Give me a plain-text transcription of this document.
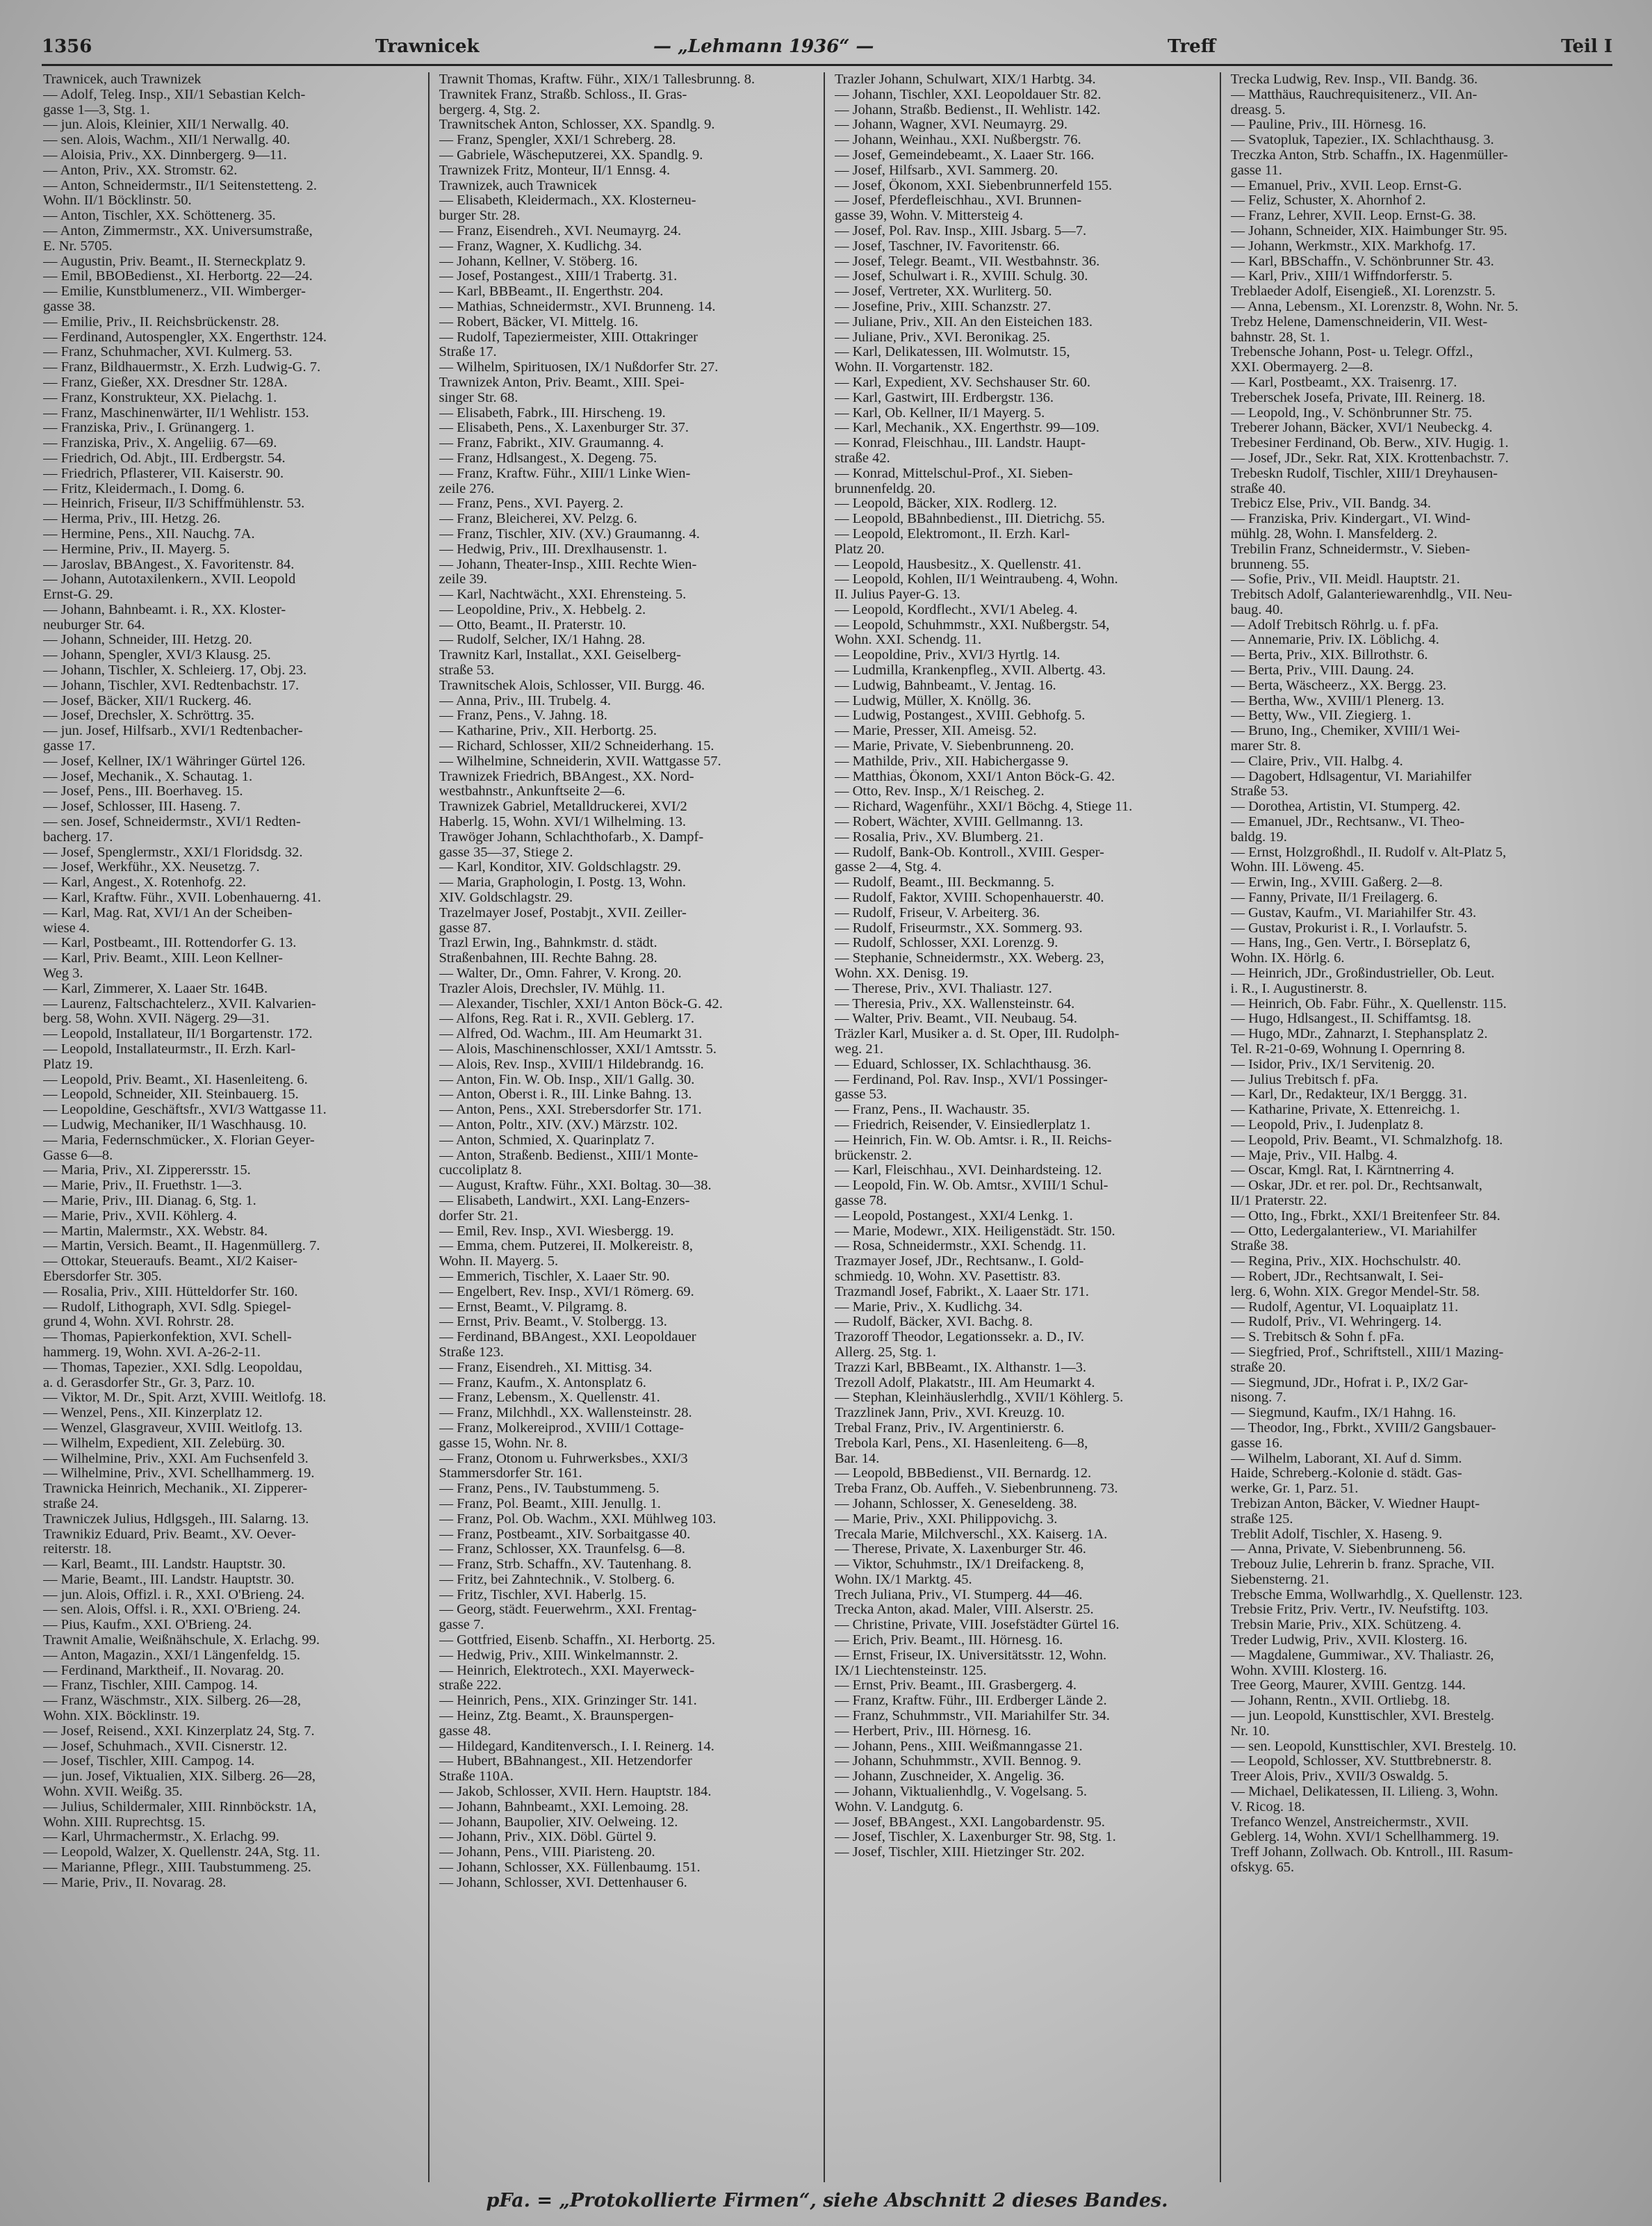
1356	Trawnicek	— „Lehmann 1936“ —	Treff	Teil I
Trawnicek, auch Trawnizek
— Adolf, Teleg. Insp., XII/1 Sebastian Kelch-
gasse 1—3, Stg. 1.
— jun. Alois, Kleinier, XII/1 Nerwallg. 40.
— sen. Alois, Wachm., XII/1 Nerwallg. 40.
— Aloisia, Priv., XX. Dinnbergerg. 9—11.
— Anton, Priv., XX. Stromstr. 62.
— Anton, Schneidermstr., II/1 Seitenstetteng. 2.
Wohn. II/1 Böcklinstr. 50.
— Anton, Tischler, XX. Schöttenerg. 35.
— Anton, Zimmermstr., XX. Universumstraße,
E. Nr. 5705.
— Augustin, Priv. Beamt., II. Sterneckplatz 9.
— Emil, BBOBedienst., XI. Herbortg. 22—24.
— Emilie, Kunstblumenerz., VII. Wimberger-
gasse 38.
— Emilie, Priv., II. Reichsbrückenstr. 28.
— Ferdinand, Autospengler, XX. Engerthstr. 124.
— Franz, Schuhmacher, XVI. Kulmerg. 53.
— Franz, Bildhauermstr., X. Erzh. Ludwig-G. 7.
— Franz, Gießer, XX. Dresdner Str. 128A.
— Franz, Konstrukteur, XX. Pielachg. 1.
— Franz, Maschinenwärter, II/1 Wehlistr. 153.
— Franziska, Priv., I. Grünangerg. 1.
— Franziska, Priv., X. Angeliig. 67—69.
— Friedrich, Od. Abjt., III. Erdbergstr. 54.
— Friedrich, Pflasterer, VII. Kaiserstr. 90.
— Fritz, Kleidermach., I. Domg. 6.
— Heinrich, Friseur, II/3 Schiffmühlenstr. 53.
— Herma, Priv., III. Hetzg. 26.
— Hermine, Pens., XII. Nauchg. 7A.
— Hermine, Priv., II. Mayerg. 5.
— Jaroslav, BBAngest., X. Favoritenstr. 84.
— Johann, Autotaxilenkern., XVII. Leopold
Ernst-G. 29.
— Johann, Bahnbeamt. i. R., XX. Kloster-
neuburger Str. 64.
— Johann, Schneider, III. Hetzg. 20.
— Johann, Spengler, XVI/3 Klausg. 25.
— Johann, Tischler, X. Schleierg. 17, Obj. 23.
— Johann, Tischler, XVI. Redtenbachstr. 17.
— Josef, Bäcker, XII/1 Ruckerg. 46.
— Josef, Drechsler, X. Schröttrg. 35.
— jun. Josef, Hilfsarb., XVI/1 Redtenbacher-
gasse 17.
— Josef, Kellner, IX/1 Währinger Gürtel 126.
— Josef, Mechanik., X. Schautag. 1.
— Josef, Pens., III. Boerhaveg. 15.
— Josef, Schlosser, III. Haseng. 7.
— sen. Josef, Schneidermstr., XVI/1 Redten-
bacherg. 17.
— Josef, Spenglermstr., XXI/1 Floridsdg. 32.
— Josef, Werkführ., XX. Neusetzg. 7.
— Karl, Angest., X. Rotenhofg. 22.
— Karl, Kraftw. Führ., XVII. Lobenhauerng. 41.
— Karl, Mag. Rat, XVI/1 An der Scheiben-
wiese 4.
— Karl, Postbeamt., III. Rottendorfer G. 13.
— Karl, Priv. Beamt., XIII. Leon Kellner-
Weg 3.
— Karl, Zimmerer, X. Laaer Str. 164B.
— Laurenz, Faltschachtelerz., XVII. Kalvarien-
berg. 58, Wohn. XVII. Nägerg. 29—31.
— Leopold, Installateur, II/1 Borgartenstr. 172.
— Leopold, Installateurmstr., II. Erzh. Karl-
Platz 19.
— Leopold, Priv. Beamt., XI. Hasenleiteng. 6.
— Leopold, Schneider, XII. Steinbauerg. 15.
— Leopoldine, Geschäftsfr., XVI/3 Wattgasse 11.
— Ludwig, Mechaniker, II/1 Waschhausg. 10.
— Maria, Federnschmücker., X. Florian Geyer-
Gasse 6—8.
— Maria, Priv., XI. Zipperersstr. 15.
— Marie, Priv., II. Fruethstr. 1—3.
— Marie, Priv., III. Dianag. 6, Stg. 1.
— Marie, Priv., XVII. Köhlerg. 4.
— Martin, Malermstr., XX. Webstr. 84.
— Martin, Versich. Beamt., II. Hagenmüllerg. 7.
— Ottokar, Steueraufs. Beamt., XI/2 Kaiser-
Ebersdorfer Str. 305.
— Rosalia, Priv., XIII. Hütteldorfer Str. 160.
— Rudolf, Lithograph, XVI. Sdlg. Spiegel-
grund 4, Wohn. XVI. Rohrstr. 28.
— Thomas, Papierkonfektion, XVI. Schell-
hammerg. 19, Wohn. XVI. A-26-2-11.
— Thomas, Tapezier., XXI. Sdlg. Leopoldau,
a. d. Gerasdorfer Str., Gr. 3, Parz. 10.
— Viktor, M. Dr., Spit. Arzt, XVIII. Weitlofg. 18.
— Wenzel, Pens., XII. Kinzerplatz 12.
— Wenzel, Glasgraveur, XVIII. Weitlofg. 13.
— Wilhelm, Expedient, XII. Zelebürg. 30.
— Wilhelmine, Priv., XXI. Am Fuchsenfeld 3.
— Wilhelmine, Priv., XVI. Schellhammerg. 19.
Trawnicka Heinrich, Mechanik., XI. Zipperer-
straße 24.
Trawniczek Julius, Hdlgsgeh., III. Salarng. 13.
Trawnikiz Eduard, Priv. Beamt., XV. Oever-
reiterstr. 18.
— Karl, Beamt., III. Landstr. Hauptstr. 30.
— Marie, Beamt., III. Landstr. Hauptstr. 30.
— jun. Alois, Offizl. i. R., XXI. O'Brieng. 24.
— sen. Alois, Offsl. i. R., XXI. O'Brieng. 24.
— Pius, Kaufm., XXI. O'Brieng. 24.
Trawnit Amalie, Weißnähschule, X. Erlachg. 99.
— Anton, Magazin., XXI/1 Längenfeldg. 15.
— Ferdinand, Marktheif., II. Novarag. 20.
— Franz, Tischler, XIII. Campog. 14.
— Franz, Wäschmstr., XIX. Silberg. 26—28,
Wohn. XIX. Böcklinstr. 19.
— Josef, Reisend., XXI. Kinzerplatz 24, Stg. 7.
— Josef, Schuhmach., XVII. Cisnerstr. 12.
— Josef, Tischler, XIII. Campog. 14.
— jun. Josef, Viktualien, XIX. Silberg. 26—28,
Wohn. XVII. Weißg. 35.
— Julius, Schildermaler, XIII. Rinnböckstr. 1A,
Wohn. XIII. Ruprechtsg. 15.
— Karl, Uhrmachermstr., X. Erlachg. 99.
— Leopold, Walzer, X. Quellenstr. 24A, Stg. 11.
— Marianne, Pflegr., XIII. Taubstummeng. 25.
— Marie, Priv., II. Novarag. 28.
Trawnit Thomas, Kraftw. Führ., XIX/1 Tallesbrunng. 8.
Trawnitek Franz, Straßb. Schloss., II. Gras-
bergerg. 4, Stg. 2.
Trawnitschek Anton, Schlosser, XX. Spandlg. 9.
— Franz, Spengler, XXI/1 Schreberg. 28.
— Gabriele, Wäscheputzerei, XX. Spandlg. 9.
Trawnizek Fritz, Monteur, II/1 Ennsg. 4.
Trawnizek, auch Trawnicek
— Elisabeth, Kleidermach., XX. Klosterneu-
burger Str. 28.
— Franz, Eisendreh., XVI. Neumayrg. 24.
— Franz, Wagner, X. Kudlichg. 34.
— Johann, Kellner, V. Stöberg. 16.
— Josef, Postangest., XIII/1 Trabertg. 31.
— Karl, BBBeamt., II. Engerthstr. 204.
— Mathias, Schneidermstr., XVI. Brunneng. 14.
— Robert, Bäcker, VI. Mittelg. 16.
— Rudolf, Tapeziermeister, XIII. Ottakringer
Straße 17.
— Wilhelm, Spirituosen, IX/1 Nußdorfer Str. 27.
Trawnizek Anton, Priv. Beamt., XIII. Spei-
singer Str. 68.
— Elisabeth, Fabrk., III. Hirscheng. 19.
— Elisabeth, Pens., X. Laxenburger Str. 37.
— Franz, Fabrikt., XIV. Graumanng. 4.
— Franz, Hdlsangest., X. Degeng. 75.
— Franz, Kraftw. Führ., XIII/1 Linke Wien-
zeile 276.
— Franz, Pens., XVI. Payerg. 2.
— Franz, Bleicherei, XV. Pelzg. 6.
— Franz, Tischler, XIV. (XV.) Graumanng. 4.
— Hedwig, Priv., III. Drexlhausenstr. 1.
— Johann, Theater-Insp., XIII. Rechte Wien-
zeile 39.
— Karl, Nachtwächt., XXI. Ehrensteing. 5.
— Leopoldine, Priv., X. Hebbelg. 2.
— Otto, Beamt., II. Praterstr. 10.
— Rudolf, Selcher, IX/1 Hahng. 28.
Trawnitz Karl, Installat., XXI. Geiselberg-
straße 53.
Trawnitschek Alois, Schlosser, VII. Burgg. 46.
— Anna, Priv., III. Trubelg. 4.
— Franz, Pens., V. Jahng. 18.
— Katharine, Priv., XII. Herbortg. 25.
— Richard, Schlosser, XII/2 Schneiderhang. 15.
— Wilhelmine, Schneiderin, XVII. Wattgasse 57.
Trawnizek Friedrich, BBAngest., XX. Nord-
westbahnstr., Ankunftseite 2—6.
Trawnizek Gabriel, Metalldruckerei, XVI/2
Haberlg. 15, Wohn. XVI/1 Wilhelming. 13.
Trawöger Johann, Schlachthofarb., X. Dampf-
gasse 35—37, Stiege 2.
— Karl, Konditor, XIV. Goldschlagstr. 29.
— Maria, Graphologin, I. Postg. 13, Wohn.
XIV. Goldschlagstr. 29.
Trazelmayer Josef, Postabjt., XVII. Zeiller-
gasse 87.
Trazl Erwin, Ing., Bahnkmstr. d. städt.
Straßenbahnen, III. Rechte Bahng. 28.
— Walter, Dr., Omn. Fahrer, V. Krong. 20.
Trazler Alois, Drechsler, IV. Mühlg. 11.
— Alexander, Tischler, XXI/1 Anton Böck-G. 42.
— Alfons, Reg. Rat i. R., XVII. Geblerg. 17.
— Alfred, Od. Wachm., III. Am Heumarkt 31.
— Alois, Maschinenschlosser, XXI/1 Amtsstr. 5.
— Alois, Rev. Insp., XVIII/1 Hildebrandg. 16.
— Anton, Fin. W. Ob. Insp., XII/1 Gallg. 30.
— Anton, Oberst i. R., III. Linke Bahng. 13.
— Anton, Pens., XXI. Strebersdorfer Str. 171.
— Anton, Poltr., XIV. (XV.) Märzstr. 102.
— Anton, Schmied, X. Quarinplatz 7.
— Anton, Straßenb. Bedienst., XIII/1 Monte-
cuccoliplatz 8.
— August, Kraftw. Führ., XXI. Boltag. 30—38.
— Elisabeth, Landwirt., XXI. Lang-Enzers-
dorfer Str. 21.
— Emil, Rev. Insp., XVI. Wiesbergg. 19.
— Emma, chem. Putzerei, II. Molkereistr. 8,
Wohn. II. Mayerg. 5.
— Emmerich, Tischler, X. Laaer Str. 90.
— Engelbert, Rev. Insp., XVI/1 Römerg. 69.
— Ernst, Beamt., V. Pilgramg. 8.
— Ernst, Priv. Beamt., V. Stolbergg. 13.
— Ferdinand, BBAngest., XXI. Leopoldauer
Straße 123.
— Franz, Eisendreh., XI. Mittisg. 34.
— Franz, Kaufm., X. Antonsplatz 6.
— Franz, Lebensm., X. Quellenstr. 41.
— Franz, Milchhdl., XX. Wallensteinstr. 28.
— Franz, Molkereiprod., XVIII/1 Cottage-
gasse 15, Wohn. Nr. 8.
— Franz, Otonom u. Fuhrwerksbes., XXI/3
Stammersdorfer Str. 161.
— Franz, Pens., IV. Taubstummeng. 5.
— Franz, Pol. Beamt., XIII. Jenullg. 1.
— Franz, Pol. Ob. Wachm., XXI. Mühlweg 103.
— Franz, Postbeamt., XIV. Sorbaitgasse 40.
— Franz, Schlosser, XX. Traunfelsg. 6—8.
— Franz, Strb. Schaffn., XV. Tautenhang. 8.
— Fritz, bei Zahntechnik., V. Stolberg. 6.
— Fritz, Tischler, XVI. Haberlg. 15.
— Georg, städt. Feuerwehrm., XXI. Frentag-
gasse 7.
— Gottfried, Eisenb. Schaffn., XI. Herbortg. 25.
— Hedwig, Priv., XIII. Winkelmannstr. 2.
— Heinrich, Elektrotech., XXI. Mayerweck-
straße 222.
— Heinrich, Pens., XIX. Grinzinger Str. 141.
— Heinz, Ztg. Beamt., X. Braunspergen-
gasse 48.
— Hildegard, Kanditenversch., I. I. Reinerg. 14.
— Hubert, BBahnangest., XII. Hetzendorfer
Straße 110A.
— Jakob, Schlosser, XVII. Hern. Hauptstr. 184.
— Johann, Bahnbeamt., XXI. Lemoing. 28.
— Johann, Baupolier, XIV. Oelweing. 12.
— Johann, Priv., XIX. Döbl. Gürtel 9.
— Johann, Pens., VIII. Piaristeng. 20.
— Johann, Schlosser, XX. Füllenbaumg. 151.
— Johann, Schlosser, XVI. Dettenhauser 6.
Trazler Johann, Schulwart, XIX/1 Harbtg. 34.
— Johann, Tischler, XXI. Leopoldauer Str. 82.
— Johann, Straßb. Bedienst., II. Wehlistr. 142.
— Johann, Wagner, XVI. Neumayrg. 29.
— Johann, Weinhau., XXI. Nußbergstr. 76.
— Josef, Gemeindebeamt., X. Laaer Str. 166.
— Josef, Hilfsarb., XVI. Sammerg. 20.
— Josef, Ökonom, XXI. Siebenbrunnerfeld 155.
— Josef, Pferdefleischhau., XVI. Brunnen-
gasse 39, Wohn. V. Mittersteig 4.
— Josef, Pol. Rav. Insp., XIII. Jsbarg. 5—7.
— Josef, Taschner, IV. Favoritenstr. 66.
— Josef, Telegr. Beamt., VII. Westbahnstr. 36.
— Josef, Schulwart i. R., XVIII. Schulg. 30.
— Josef, Vertreter, XX. Wurliterg. 50.
— Josefine, Priv., XIII. Schanzstr. 27.
— Juliane, Priv., XII. An den Eisteichen 183.
— Juliane, Priv., XVI. Beronikag. 25.
— Karl, Delikatessen, III. Wolmutstr. 15,
Wohn. II. Vorgartenstr. 182.
— Karl, Expedient, XV. Sechshauser Str. 60.
— Karl, Gastwirt, III. Erdbergstr. 136.
— Karl, Ob. Kellner, II/1 Mayerg. 5.
— Karl, Mechanik., XX. Engerthstr. 99—109.
— Konrad, Fleischhau., III. Landstr. Haupt-
straße 42.
— Konrad, Mittelschul-Prof., XI. Sieben-
brunnenfeldg. 20.
— Leopold, Bäcker, XIX. Rodlerg. 12.
— Leopold, BBahnbedienst., III. Dietrichg. 55.
— Leopold, Elektromont., II. Erzh. Karl-
Platz 20.
— Leopold, Hausbesitz., X. Quellenstr. 41.
— Leopold, Kohlen, II/1 Weintraubeng. 4, Wohn.
II. Julius Payer-G. 13.
— Leopold, Kordflecht., XVI/1 Abeleg. 4.
— Leopold, Schuhmmstr., XXI. Nußbergstr. 54,
Wohn. XXI. Schendg. 11.
— Leopoldine, Priv., XVI/3 Hyrtlg. 14.
— Ludmilla, Krankenpfleg., XVII. Albertg. 43.
— Ludwig, Bahnbeamt., V. Jentag. 16.
— Ludwig, Müller, X. Knöllg. 36.
— Ludwig, Postangest., XVIII. Gebhofg. 5.
— Marie, Presser, XII. Ameisg. 52.
— Marie, Private, V. Siebenbrunneng. 20.
— Mathilde, Priv., XII. Habichergasse 9.
— Matthias, Ökonom, XXI/1 Anton Böck-G. 42.
— Otto, Rev. Insp., X/1 Reischeg. 2.
— Richard, Wagenführ., XXI/1 Böchg. 4, Stiege 11.
— Robert, Wächter, XVIII. Gellmanng. 13.
— Rosalia, Priv., XV. Blumberg. 21.
— Rudolf, Bank-Ob. Kontroll., XVIII. Gesper-
gasse 2—4, Stg. 4.
— Rudolf, Beamt., III. Beckmanng. 5.
— Rudolf, Faktor, XVIII. Schopenhauerstr. 40.
— Rudolf, Friseur, V. Arbeiterg. 36.
— Rudolf, Friseurmstr., XX. Sommerg. 93.
— Rudolf, Schlosser, XXI. Lorenzg. 9.
— Stephanie, Schneidermstr., XX. Weberg. 23,
Wohn. XX. Denisg. 19.
— Therese, Priv., XVI. Thaliastr. 127.
— Theresia, Priv., XX. Wallensteinstr. 64.
— Walter, Priv. Beamt., VII. Neubaug. 54.
Träzler Karl, Musiker a. d. St. Oper, III. Rudolph-
weg. 21.
— Eduard, Schlosser, IX. Schlachthausg. 36.
— Ferdinand, Pol. Rav. Insp., XVI/1 Possinger-
gasse 53.
— Franz, Pens., II. Wachaustr. 35.
— Friedrich, Reisender, V. Einsiedlerplatz 1.
— Heinrich, Fin. W. Ob. Amtsr. i. R., II. Reichs-
brückenstr. 2.
— Karl, Fleischhau., XVI. Deinhardsteing. 12.
— Leopold, Fin. W. Ob. Amtsr., XVIII/1 Schul-
gasse 78.
— Leopold, Postangest., XXI/4 Lenkg. 1.
— Marie, Modewr., XIX. Heiligenstädt. Str. 150.
— Rosa, Schneidermstr., XXI. Schendg. 11.
Trazmayer Josef, JDr., Rechtsanw., I. Gold-
schmiedg. 10, Wohn. XV. Pasettistr. 83.
Trazmandl Josef, Fabrikt., X. Laaer Str. 171.
— Marie, Priv., X. Kudlichg. 34.
— Rudolf, Bäcker, XVI. Bachg. 8.
Trazoroff Theodor, Legationssekr. a. D., IV.
Allerg. 25, Stg. 1.
Trazzi Karl, BBBeamt., IX. Althanstr. 1—3.
Trezoll Adolf, Plakatstr., III. Am Heumarkt 4.
— Stephan, Kleinhäuslerhdlg., XVII/1 Köhlerg. 5.
Trazzlinek Jann, Priv., XVI. Kreuzg. 10.
Trebal Franz, Priv., IV. Argentinierstr. 6.
Trebola Karl, Pens., XI. Hasenleiteng. 6—8,
Bar. 14.
— Leopold, BBBedienst., VII. Bernardg. 12.
Treba Franz, Ob. Auffeh., V. Siebenbrunneng. 73.
— Johann, Schlosser, X. Geneseldeng. 38.
— Marie, Priv., XXI. Philippovichg. 3.
Trecala Marie, Milchverschl., XX. Kaiserg. 1A.
— Therese, Private, X. Laxenburger Str. 46.
— Viktor, Schuhmstr., IX/1 Dreifackeng. 8,
Wohn. IX/1 Marktg. 45.
Trech Juliana, Priv., VI. Stumperg. 44—46.
Trecka Anton, akad. Maler, VIII. Alserstr. 25.
— Christine, Private, VIII. Josefstädter Gürtel 16.
— Erich, Priv. Beamt., III. Hörnesg. 16.
— Ernst, Friseur, IX. Universitätsstr. 12, Wohn.
IX/1 Liechtensteinstr. 125.
— Ernst, Priv. Beamt., III. Grasbergerg. 4.
— Franz, Kraftw. Führ., III. Erdberger Lände 2.
— Franz, Schuhmmstr., VII. Mariahilfer Str. 34.
— Herbert, Priv., III. Hörnesg. 16.
— Johann, Pens., XIII. Weißmanngasse 21.
— Johann, Schuhmmstr., XVII. Bennog. 9.
— Johann, Zuschneider, X. Angelig. 36.
— Johann, Viktualienhdlg., V. Vogelsang. 5.
Wohn. V. Landgutg. 6.
— Josef, BBAngest., XXI. Langobardenstr. 95.
— Josef, Tischler, X. Laxenburger Str. 98, Stg. 1.
— Josef, Tischler, XIII. Hietzinger Str. 202.
Trecka Ludwig, Rev. Insp., VII. Bandg. 36.
— Matthäus, Rauchrequisitenerz., VII. An-
dreasg. 5.
— Pauline, Priv., III. Hörnesg. 16.
— Svatopluk, Tapezier., IX. Schlachthausg. 3.
Treczka Anton, Strb. Schaffn., IX. Hagenmüller-
gasse 11.
— Emanuel, Priv., XVII. Leop. Ernst-G.
— Feliz, Schuster, X. Ahornhof 2.
— Franz, Lehrer, XVII. Leop. Ernst-G. 38.
— Johann, Schneider, XIX. Haimbunger Str. 95.
— Johann, Werkmstr., XIX. Markhofg. 17.
— Karl, BBSchaffn., V. Schönbrunner Str. 43.
— Karl, Priv., XIII/1 Wiffndorferstr. 5.
Treblaeder Adolf, Eisengieß., XI. Lorenzstr. 5.
— Anna, Lebensm., XI. Lorenzstr. 8, Wohn. Nr. 5.
Trebz Helene, Damenschneiderin, VII. West-
bahnstr. 28, St. 1.
Trebensche Johann, Post- u. Telegr. Offzl.,
XXI. Obermayerg. 2—8.
— Karl, Postbeamt., XX. Traisenrg. 17.
Treberschek Josefa, Private, III. Reinerg. 18.
— Leopold, Ing., V. Schönbrunner Str. 75.
Treberer Johann, Bäcker, XVI/1 Neubeckg. 4.
Trebesiner Ferdinand, Ob. Berw., XIV. Hugig. 1.
— Josef, JDr., Sekr. Rat, XIX. Krottenbachstr. 7.
Trebeskn Rudolf, Tischler, XIII/1 Dreyhausen-
straße 40.
Trebicz Else, Priv., VII. Bandg. 34.
— Franziska, Priv. Kindergart., VI. Wind-
mühlg. 28, Wohn. I. Mansfelderg. 2.
Trebilin Franz, Schneidermstr., V. Sieben-
brunneng. 55.
— Sofie, Priv., VII. Meidl. Hauptstr. 21.
Trebitsch Adolf, Galanteriewarenhdlg., VII. Neu-
baug. 40.
— Adolf Trebitsch Röhrlg. u. f. pFa.
— Annemarie, Priv. IX. Löblichg. 4.
— Berta, Priv., XIX. Billrothstr. 6.
— Berta, Priv., VIII. Daung. 24.
— Berta, Wäscheerz., XX. Bergg. 23.
— Bertha, Ww., XVIII/1 Plenerg. 13.
— Betty, Ww., VII. Ziegierg. 1.
— Bruno, Ing., Chemiker, XVIII/1 Wei-
marer Str. 8.
— Claire, Priv., VII. Halbg. 4.
— Dagobert, Hdlsagentur, VI. Mariahilfer
Straße 53.
— Dorothea, Artistin, VI. Stumperg. 42.
— Emanuel, JDr., Rechtsanw., VI. Theo-
baldg. 19.
— Ernst, Holzgroßhdl., II. Rudolf v. Alt-Platz 5,
Wohn. III. Löweng. 45.
— Erwin, Ing., XVIII. Gaßerg. 2—8.
— Fanny, Private, II/1 Freilagerg. 6.
— Gustav, Kaufm., VI. Mariahilfer Str. 43.
— Gustav, Prokurist i. R., I. Vorlaufstr. 5.
— Hans, Ing., Gen. Vertr., I. Börseplatz 6,
Wohn. IX. Hörlg. 6.
— Heinrich, JDr., Großindustrieller, Ob. Leut.
i. R., I. Augustinerstr. 8.
— Heinrich, Ob. Fabr. Führ., X. Quellenstr. 115.
— Hugo, Hdlsangest., II. Schiffamtsg. 18.
— Hugo, MDr., Zahnarzt, I. Stephansplatz 2.
Tel. R-21-0-69, Wohnung I. Opernring 8.
— Isidor, Priv., IX/1 Servitenig. 20.
— Julius Trebitsch f. pFa.
— Karl, Dr., Redakteur, IX/1 Berggg. 31.
— Katharine, Private, X. Ettenreichg. 1.
— Leopold, Priv., I. Judenplatz 8.
— Leopold, Priv. Beamt., VI. Schmalzhofg. 18.
— Maje, Priv., VII. Halbg. 4.
— Oscar, Kmgl. Rat, I. Kärntnerring 4.
— Oskar, JDr. et rer. pol. Dr., Rechtsanwalt,
II/1 Praterstr. 22.
— Otto, Ing., Fbrkt., XXI/1 Breitenfeer Str. 84.
— Otto, Ledergalanteriew., VI. Mariahilfer
Straße 38.
— Regina, Priv., XIX. Hochschulstr. 40.
— Robert, JDr., Rechtsanwalt, I. Sei-
lerg. 6, Wohn. XIX. Gregor Mendel-Str. 58.
— Rudolf, Agentur, VI. Loquaiplatz 11.
— Rudolf, Priv., VI. Wehringerg. 14.
— S. Trebitsch & Sohn f. pFa.
— Siegfried, Prof., Schriftstell., XIII/1 Mazing-
straße 20.
— Siegmund, JDr., Hofrat i. P., IX/2 Gar-
nisong. 7.
— Siegmund, Kaufm., IX/1 Hahng. 16.
— Theodor, Ing., Fbrkt., XVIII/2 Gangsbauer-
gasse 16.
— Wilhelm, Laborant, XI. Auf d. Simm.
Haide, Schreberg.-Kolonie d. städt. Gas-
werke, Gr. 1, Parz. 51.
Trebizan Anton, Bäcker, V. Wiedner Haupt-
straße 125.
Treblit Adolf, Tischler, X. Haseng. 9.
— Anna, Private, V. Siebenbrunneng. 56.
Trebouz Julie, Lehrerin b. franz. Sprache, VII.
Siebensterng. 21.
Trebsche Emma, Wollwarhdlg., X. Quellenstr. 123.
Trebsie Fritz, Priv. Vertr., IV. Neufstiftg. 103.
Trebsin Marie, Priv., XIX. Schützeng. 4.
Treder Ludwig, Priv., XVII. Klosterg. 16.
— Magdalene, Gummiwar., XV. Thaliastr. 26,
Wohn. XVIII. Klosterg. 16.
Tree Georg, Maurer, XVIII. Gentzg. 144.
— Johann, Rentn., XVII. Ortliebg. 18.
— jun. Leopold, Kunsttischler, XVI. Brestelg.
Nr. 10.
— sen. Leopold, Kunsttischler, XVI. Brestelg. 10.
— Leopold, Schlosser, XV. Stuttbrebnerstr. 8.
Treer Alois, Priv., XVII/3 Oswaldg. 5.
— Michael, Delikatessen, II. Lilieng. 3, Wohn.
V. Ricog. 18.
Trefanco Wenzel, Anstreichermstr., XVII.
Geblerg. 14, Wohn. XVI/1 Schellhammerg. 19.
Treff Johann, Zollwach. Ob. Kntroll., III. Rasum-
ofskyg. 65.
pFa. = „Protokollierte Firmen“, siehe Abschnitt 2 dieses Bandes.
